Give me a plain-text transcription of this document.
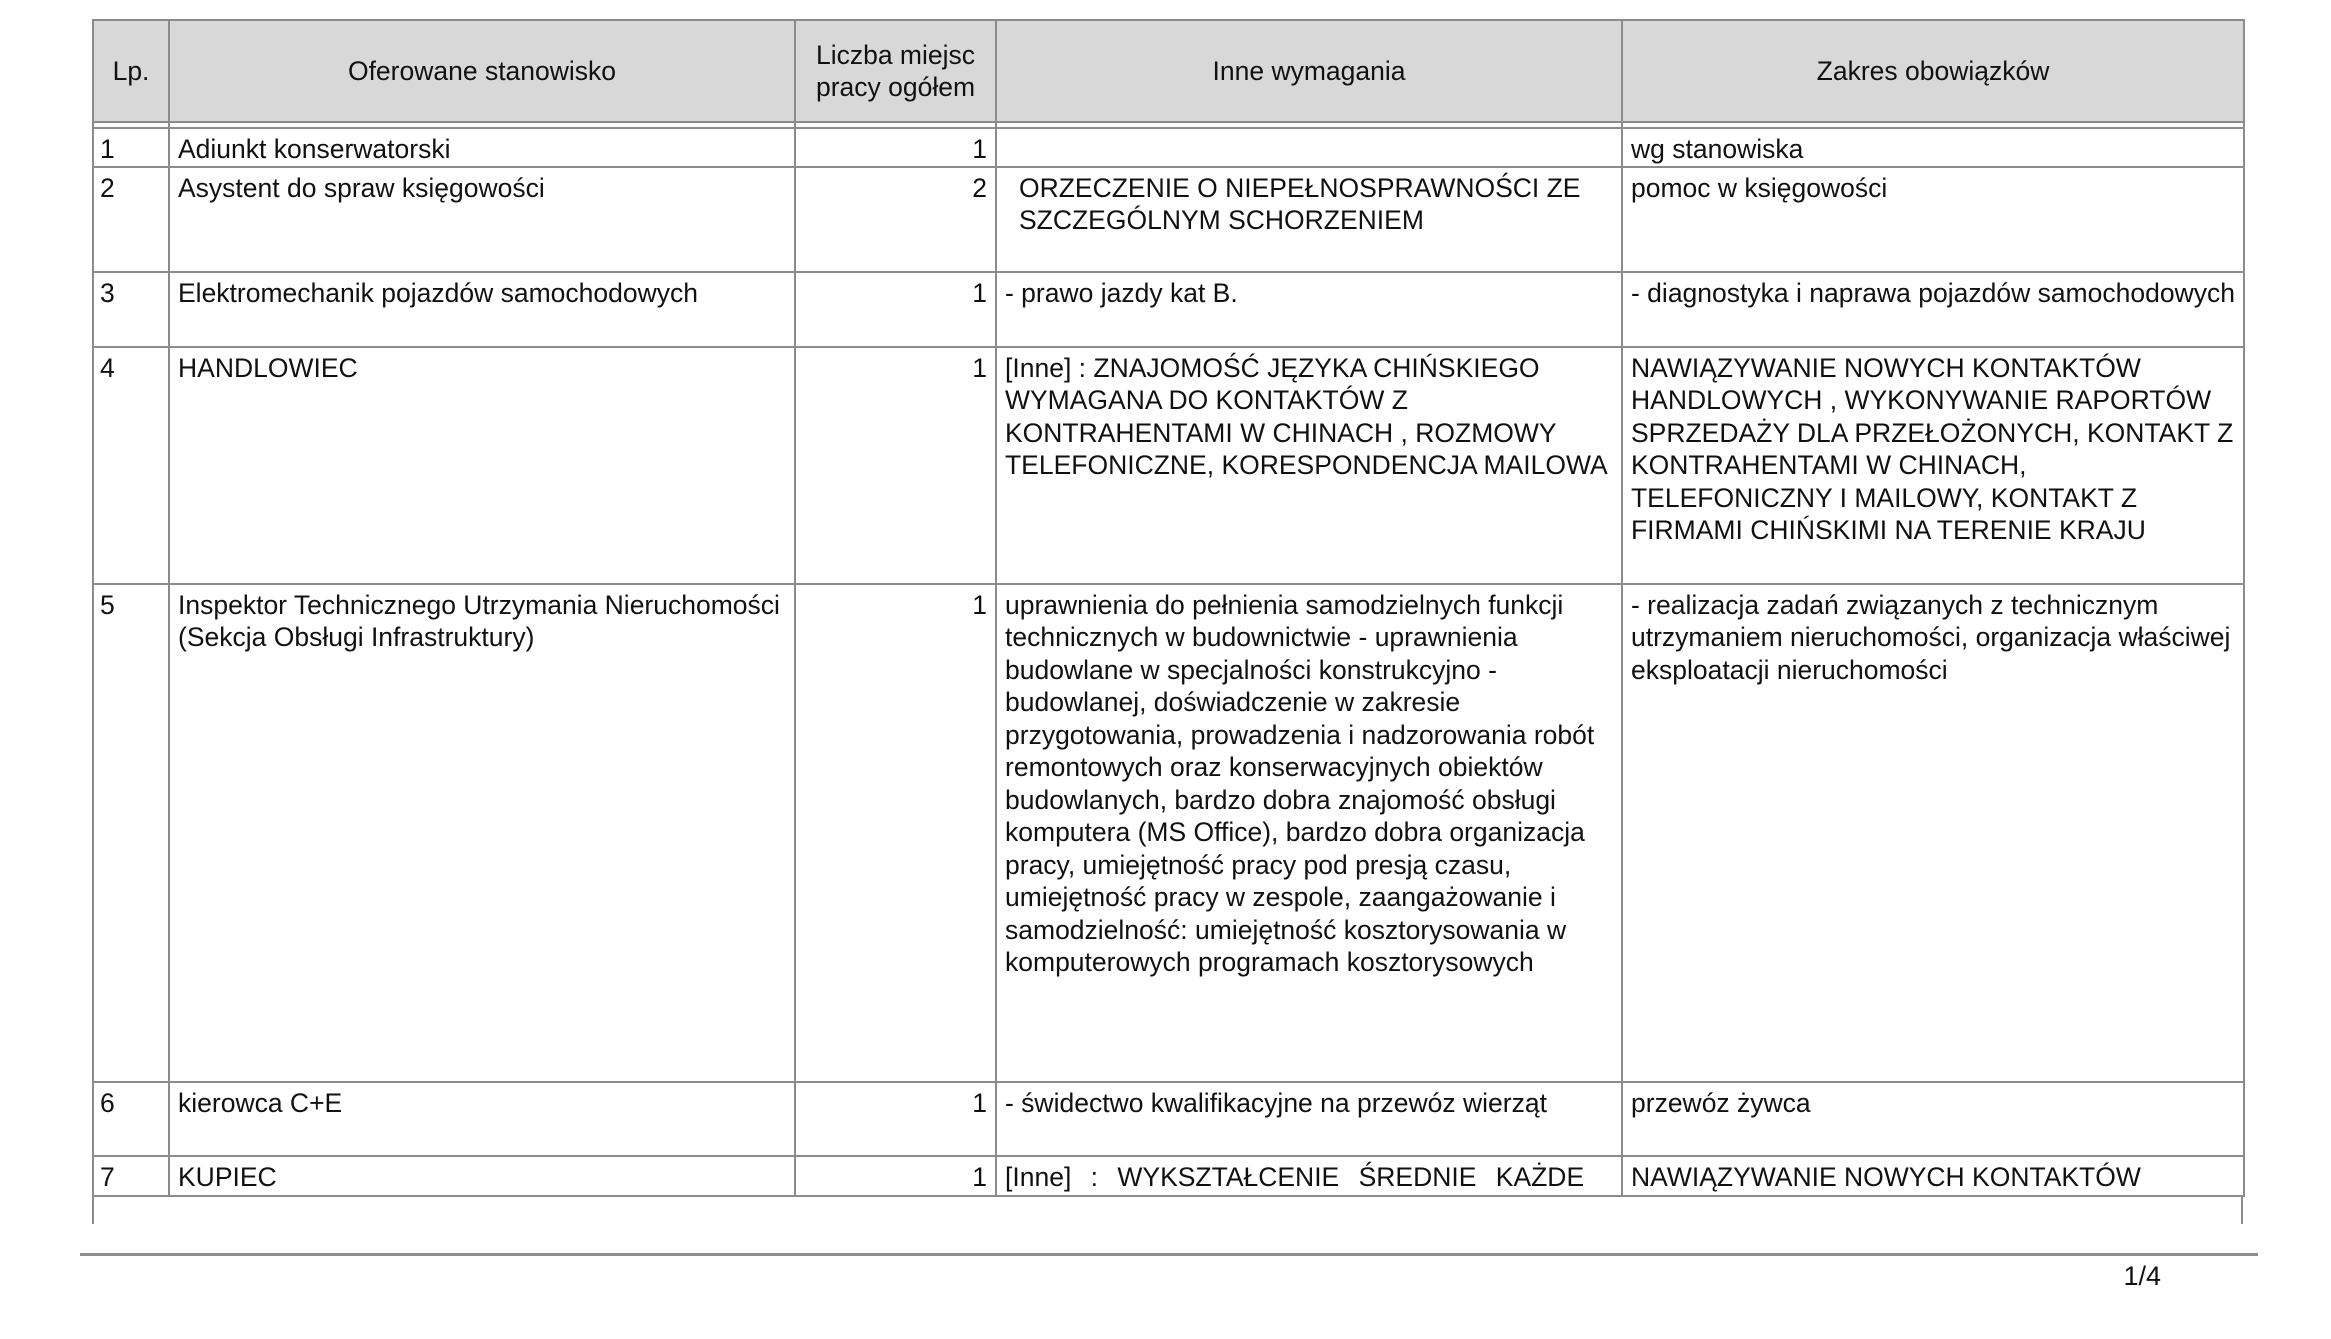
Lp.	Oferowane stanowisko	Liczba miejsc pracy ogółem	Inne wymagania	Zakres obowiązków

1	Adiunkt konserwatorski	1		wg stanowiska
2	Asystent do spraw księgowości	2	ORZECZENIE O NIEPEŁNOSPRAWNOŚCI ZE SZCZEGÓLNYM SCHORZENIEM	pomoc w księgowości
3	Elektromechanik pojazdów samochodowych	1	- prawo jazdy kat B.	- diagnostyka i naprawa pojazdów samochodowych
4	HANDLOWIEC	1	[Inne] : ZNAJOMOŚĆ JĘZYKA CHIŃSKIEGO WYMAGANA DO KONTAKTÓW Z KONTRAHENTAMI W CHINACH , ROZMOWY TELEFONICZNE, KORESPONDENCJA MAILOWA	NAWIĄZYWANIE NOWYCH KONTAKTÓW HANDLOWYCH , WYKONYWANIE RAPORTÓW SPRZEDAŻY DLA PRZEŁOŻONYCH, KONTAKT Z KONTRAHENTAMI W CHINACH, TELEFONICZNY I MAILOWY, KONTAKT Z FIRMAMI CHIŃSKIMI NA TERENIE KRAJU
5	Inspektor Technicznego Utrzymania Nieruchomości (Sekcja Obsługi Infrastruktury)	1	uprawnienia do pełnienia samodzielnych funkcji technicznych w budownictwie - uprawnienia budowlane w specjalności konstrukcyjno - budowlanej, doświadczenie w zakresie przygotowania, prowadzenia i nadzorowania robót remontowych oraz konserwacyjnych obiektów budowlanych, bardzo dobra znajomość obsługi komputera (MS Office), bardzo dobra organizacja pracy, umiejętność pracy pod presją czasu, umiejętność pracy w zespole, zaangażowanie i samodzielność: umiejętność kosztorysowania w komputerowych programach kosztorysowych	- realizacja zadań związanych z technicznym utrzymaniem nieruchomości, organizacja właściwej eksploatacji nieruchomości
6	kierowca C+E	1	- świdectwo kwalifikacyjne na przewóz wierząt	przewóz żywca
7	KUPIEC	1	[Inne] : WYKSZTAŁCENIE ŚREDNIE KAŻDE	NAWIĄZYWANIE NOWYCH KONTAKTÓW
1/4
